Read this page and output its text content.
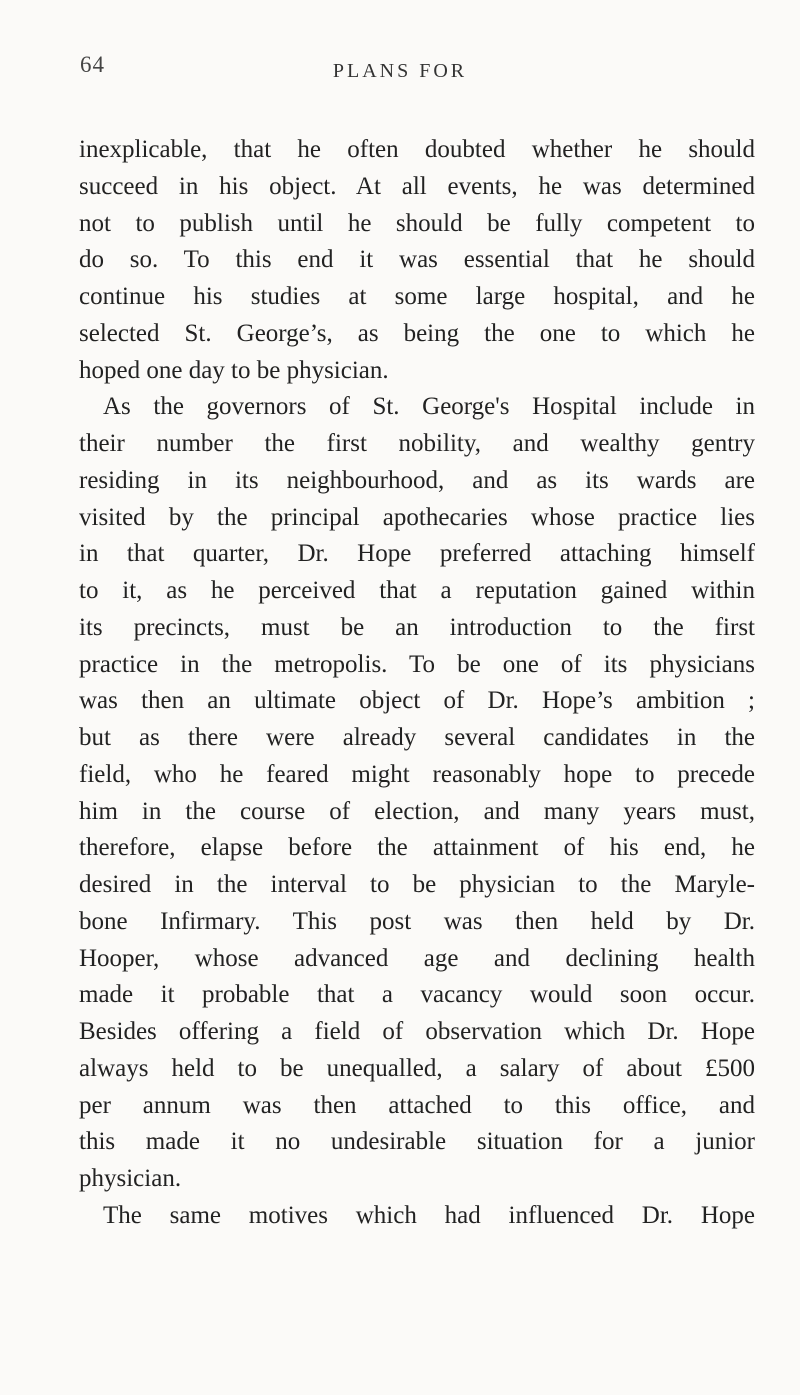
64	PLANS FOR
inexplicable, that he often doubted whether he should
succeed in his object. At all events, he was determined
not to publish until he should be fully competent to
do so. To this end it was essential that he should
continue his studies at some large hospital, and he
selected St. George’s, as being the one to which he
hoped one day to be physician.
As the governors of St. George's Hospital include in
their number the first nobility, and wealthy gentry
residing in its neighbourhood, and as its wards are
visited by the principal apothecaries whose practice lies
in that quarter, Dr. Hope preferred attaching himself
to it, as he perceived that a reputation gained within
its precincts, must be an introduction to the first
practice in the metropolis. To be one of its physicians
was then an ultimate object of Dr. Hope’s ambition ;
but as there were already several candidates in the
field, who he feared might reasonably hope to precede
him in the course of election, and many years must,
therefore, elapse before the attainment of his end, he
desired in the interval to be physician to the Maryle-
bone Infirmary. This post was then held by Dr.
Hooper, whose advanced age and declining health
made it probable that a vacancy would soon occur.
Besides offering a field of observation which Dr. Hope
always held to be unequalled, a salary of about £500
per annum was then attached to this office, and
this made it no undesirable situation for a junior
physician.
The same motives which had influenced Dr. Hope
